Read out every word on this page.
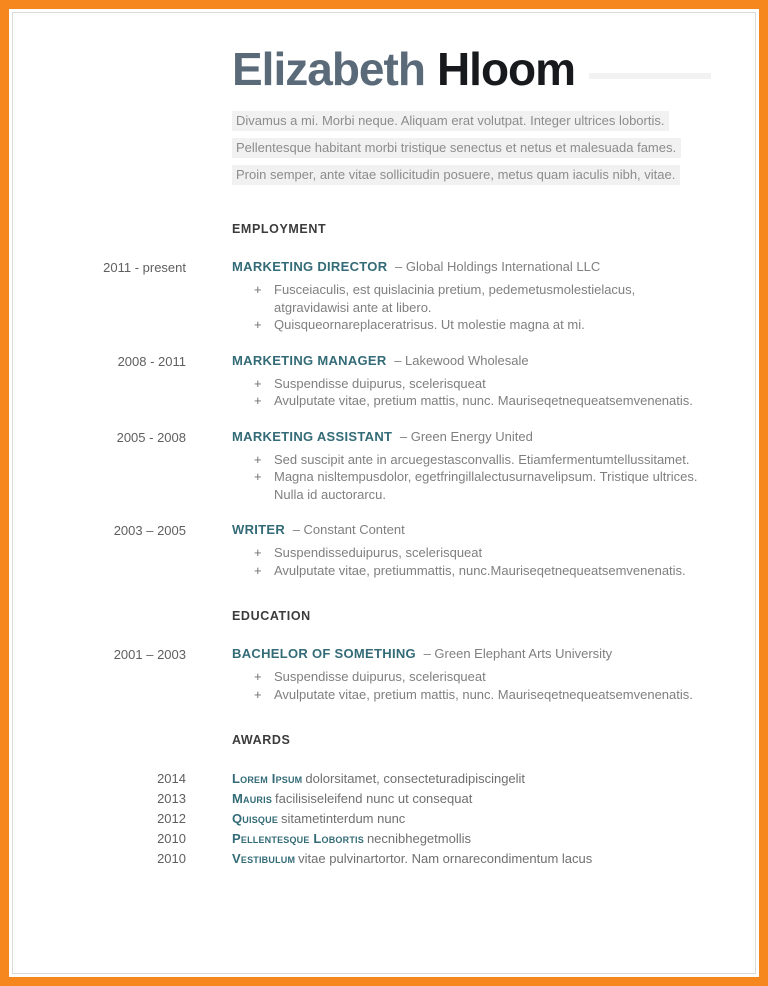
Elizabeth Hloom
Divamus a mi. Morbi neque. Aliquam erat volutpat. Integer ultrices lobortis.
Pellentesque habitant morbi tristique senectus et netus et malesuada fames.
Proin semper, ante vitae sollicitudin posuere, metus quam iaculis nibh, vitae.
EMPLOYMENT
2011 - present	MARKETING DIRECTOR – Global Holdings International LLC
+ Fusceiaculis, est quislacinia pretium, pedemetusmolestielacus, atgravidawisi ante at libero.
+ Quisqueornareplaceratrisus. Ut molestie magna at mi.
2008 - 2011	MARKETING MANAGER – Lakewood Wholesale
+ Suspendisse duipurus, scelerisqueat
+ Avulputate vitae, pretium mattis, nunc. Mauriseqetnequeatsemvenenatis.
2005 - 2008	MARKETING ASSISTANT – Green Energy United
+ Sed suscipit ante in arcuegestasconvallis. Etiamfermentumtellussitamet.
+ Magna nisltempusdolor, egetfringillalectusurnavelipsum. Tristique ultrices. Nulla id auctorarcu.
2003 – 2005	WRITER – Constant Content
+ Suspendisseduipurus, scelerisqueat
+ Avulputate vitae, pretiummattis, nunc.Mauriseqetnequeatsemvenenatis.
EDUCATION
2001 – 2003	BACHELOR OF SOMETHING – Green Elephant Arts University
+ Suspendisse duipurus, scelerisqueat
+ Avulputate vitae, pretium mattis, nunc. Mauriseqetnequeatsemvenenatis.
AWARDS
2014	Lorem Ipsum dolorsitamet, consecteturadipiscingelit
2013	Mauris facilisiseleifend nunc ut consequat
2012	Quisque sitametinterdum nunc
2010	Pellentesque Lobortis necnibhegetmollis
2010	Vestibulum vitae pulvinartortor. Nam ornarecondimentum lacus
